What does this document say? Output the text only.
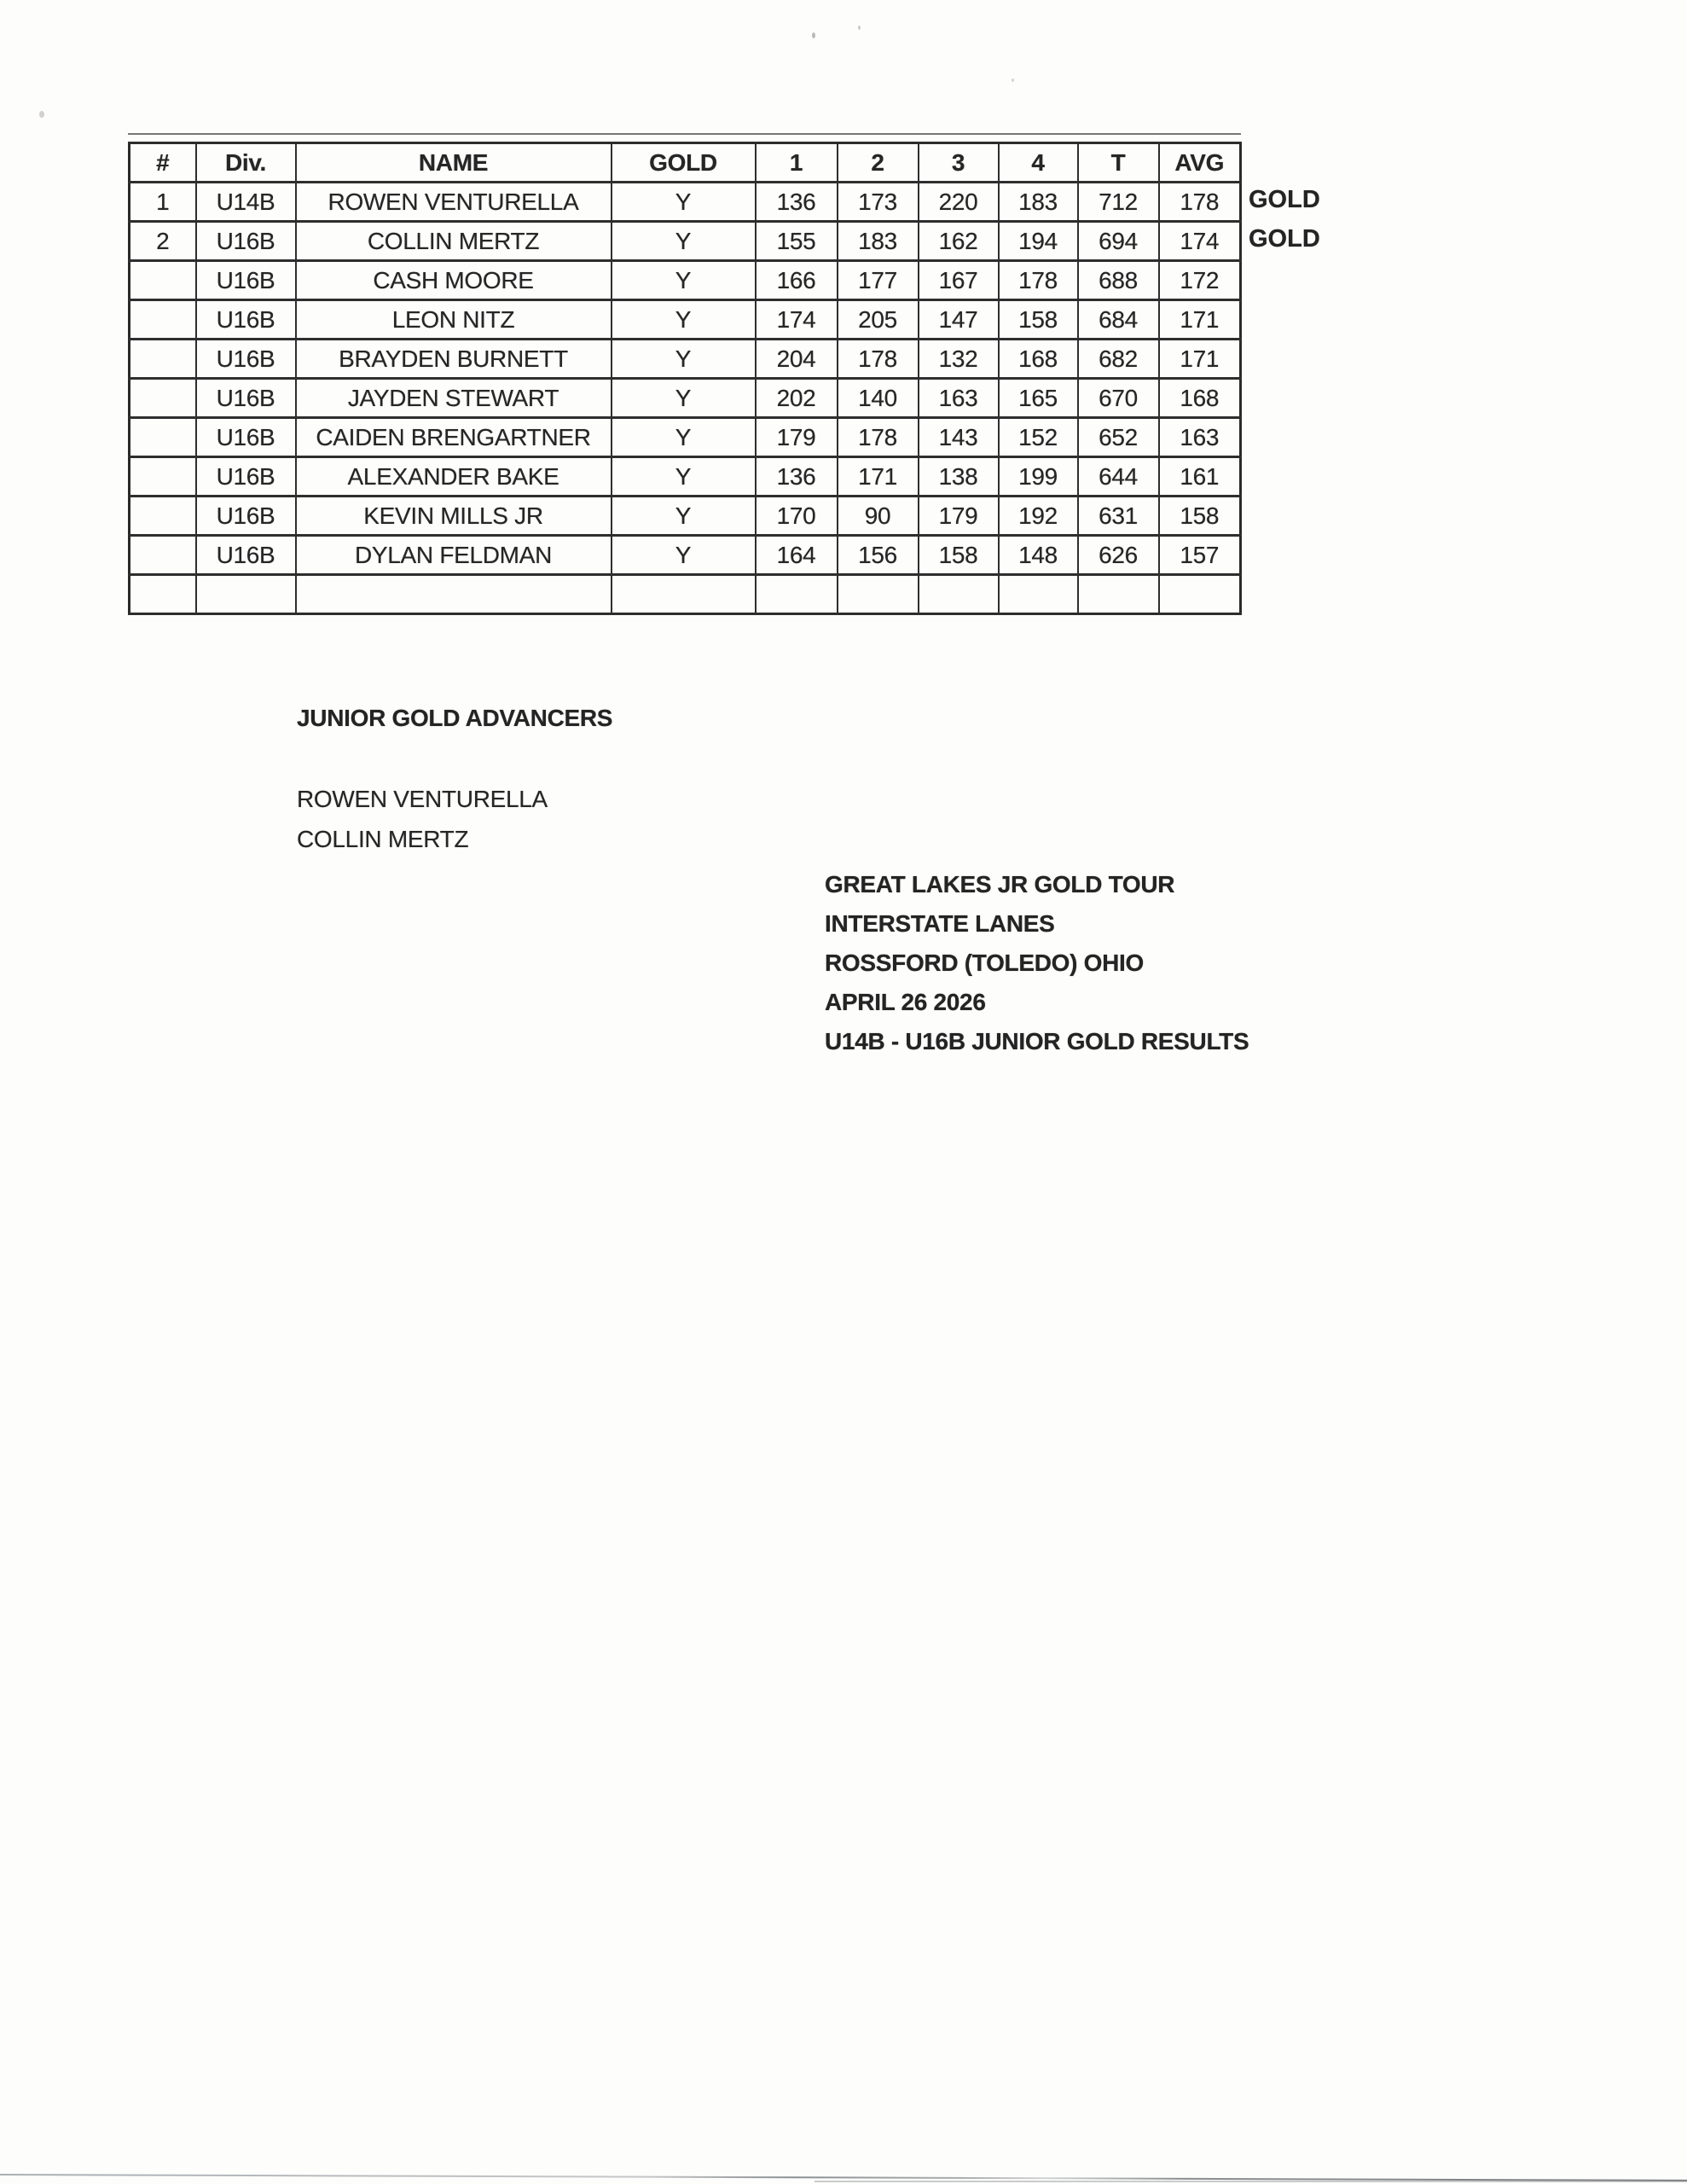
#	Div.	NAME	GOLD	1	2	3	4	T	AVG
1	U14B	ROWEN VENTURELLA	Y	136	173	220	183	712	178
2	U16B	COLLIN MERTZ	Y	155	183	162	194	694	174
	U16B	CASH MOORE	Y	166	177	167	178	688	172
	U16B	LEON NITZ	Y	174	205	147	158	684	171
	U16B	BRAYDEN BURNETT	Y	204	178	132	168	682	171
	U16B	JAYDEN STEWART	Y	202	140	163	165	670	168
	U16B	CAIDEN BRENGARTNER	Y	179	178	143	152	652	163
	U16B	ALEXANDER BAKE	Y	136	171	138	199	644	161
	U16B	KEVIN MILLS JR	Y	170	90	179	192	631	158
	U16B	DYLAN FELDMAN	Y	164	156	158	148	626	157

GOLD
GOLD
JUNIOR GOLD ADVANCERS
ROWEN VENTURELLA
COLLIN MERTZ
GREAT LAKES JR GOLD TOUR
INTERSTATE LANES
ROSSFORD (TOLEDO) OHIO
APRIL 26 2026
U14B - U16B JUNIOR GOLD RESULTS
